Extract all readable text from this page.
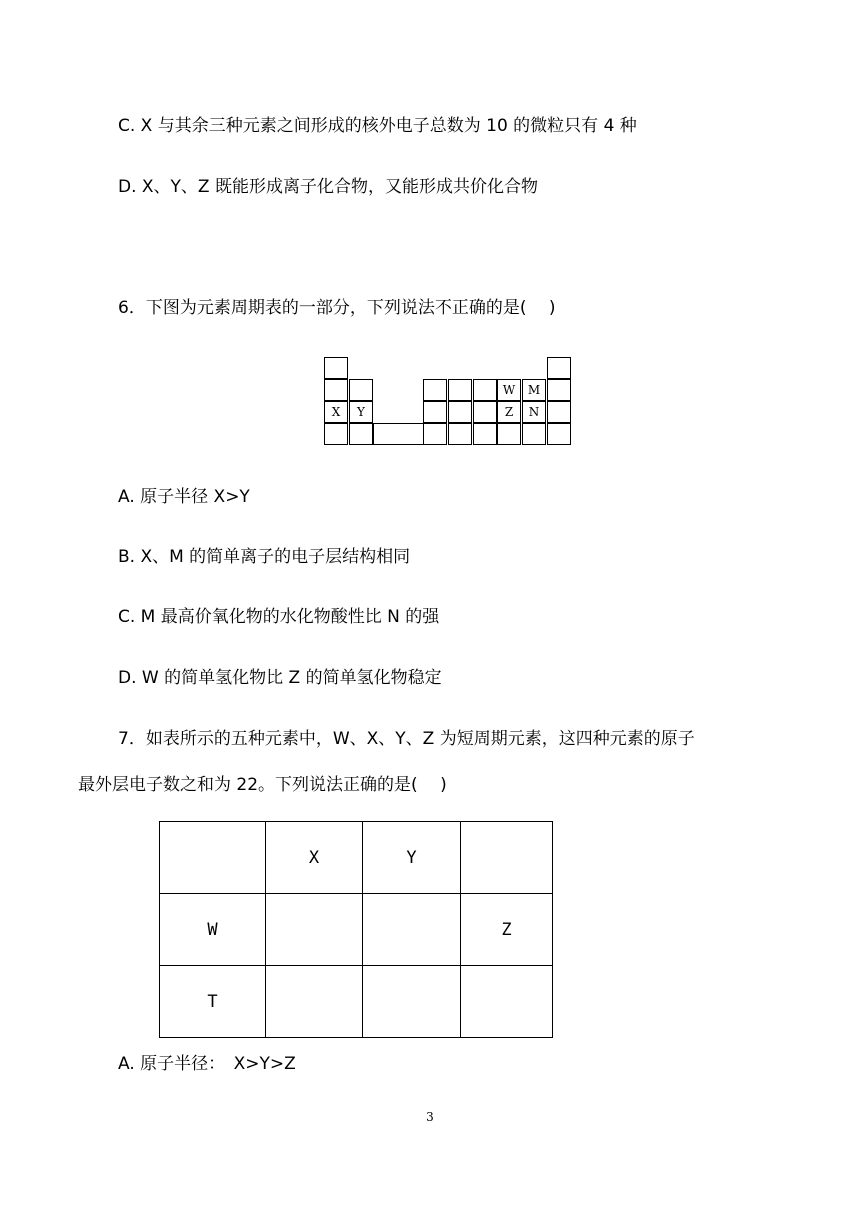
C. X 与其余三种元素之间形成的核外电子总数为 10 的微粒只有 4 种
D. X、Y、Z 既能形成离子化合物，又能形成共价化合物
6．下图为元素周期表的一部分，下列说法不正确的是(　 )
W	M
X	Y	Z	N
A. 原子半径 X>Y
B. X、M 的简单离子的电子层结构相同
C. M 最高价氧化物的水化物酸性比 N 的强
D. W 的简单氢化物比 Z 的简单氢化物稳定
7．如表所示的五种元素中，W、X、Y、Z 为短周期元素，这四种元素的原子
最外层电子数之和为 22。下列说法正确的是(　 )
	X	Y	
W			Z
T			
A. 原子半径：　X>Y>Z
3
